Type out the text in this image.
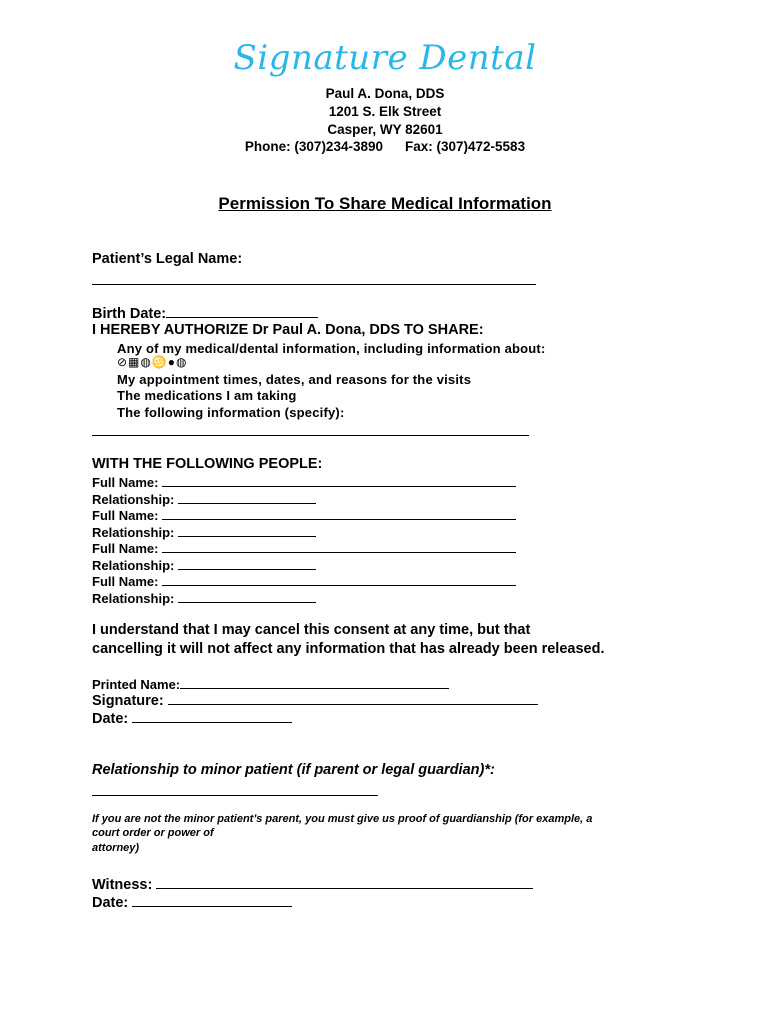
Signature Dental
Paul A. Dona, DDS
1201 S. Elk Street
Casper, WY 82601
Phone: (307)234-3890 Fax: (307)472-5583
Permission To Share Medical Information
Patient’s Legal Name:
Birth Date:
I HEREBY AUTHORIZE Dr Paul A. Dona, DDS TO SHARE:
Any of my medical/dental information, including information about:
⊘▦◍♋●◍
My appointment times, dates, and reasons for the visits
The medications I am taking
The following information (specify):
WITH THE FOLLOWING PEOPLE:
Full Name:
Relationship:
Full Name:
Relationship:
Full Name:
Relationship:
Full Name:
Relationship:
I understand that I may cancel this consent at any time, but that
cancelling it will not affect any information that has already been released.
Printed Name:
Signature:
Date:
Relationship to minor patient (if parent or legal guardian)*:
If you are not the minor patient’s parent, you must give us proof of guardianship (for example, a
court order or power of
attorney)
Witness:
Date:
